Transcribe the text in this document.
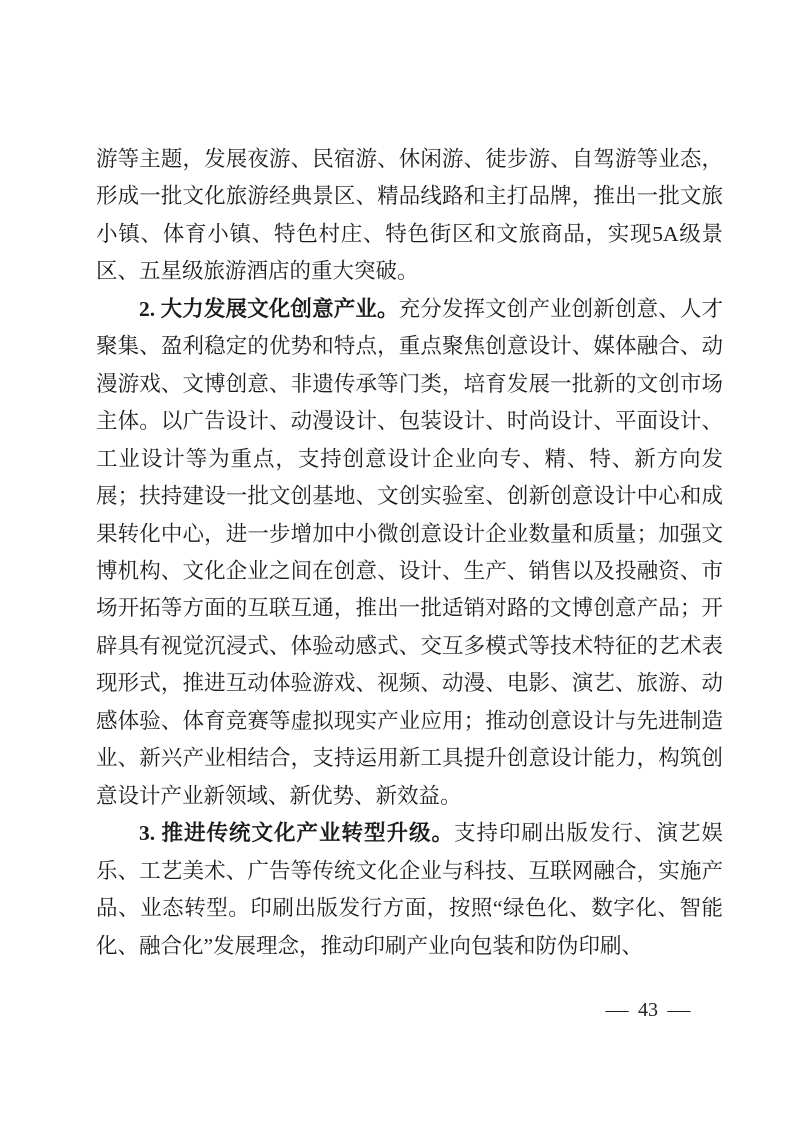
游等主题，发展夜游、民宿游、休闲游、徒步游、自驾游等业态，形成一批文化旅游经典景区、精品线路和主打品牌，推出一批文旅小镇、体育小镇、特色村庄、特色街区和文旅商品，实现5A级景区、五星级旅游酒店的重大突破。

2. 大力发展文化创意产业。充分发挥文创产业创新创意、人才聚集、盈利稳定的优势和特点，重点聚焦创意设计、媒体融合、动漫游戏、文博创意、非遗传承等门类，培育发展一批新的文创市场主体。以广告设计、动漫设计、包装设计、时尚设计、平面设计、工业设计等为重点，支持创意设计企业向专、精、特、新方向发展；扶持建设一批文创基地、文创实验室、创新创意设计中心和成果转化中心，进一步增加中小微创意设计企业数量和质量；加强文博机构、文化企业之间在创意、设计、生产、销售以及投融资、市场开拓等方面的互联互通，推出一批适销对路的文博创意产品；开辟具有视觉沉浸式、体验动感式、交互多模式等技术特征的艺术表现形式，推进互动体验游戏、视频、动漫、电影、演艺、旅游、动感体验、体育竞赛等虚拟现实产业应用；推动创意设计与先进制造业、新兴产业相结合，支持运用新工具提升创意设计能力，构筑创意设计产业新领域、新优势、新效益。

3. 推进传统文化产业转型升级。支持印刷出版发行、演艺娱乐、工艺美术、广告等传统文化企业与科技、互联网融合，实施产品、业态转型。印刷出版发行方面，按照“绿色化、数字化、智能化、融合化”发展理念，推动印刷产业向包装和防伪印刷、

— 43 —
